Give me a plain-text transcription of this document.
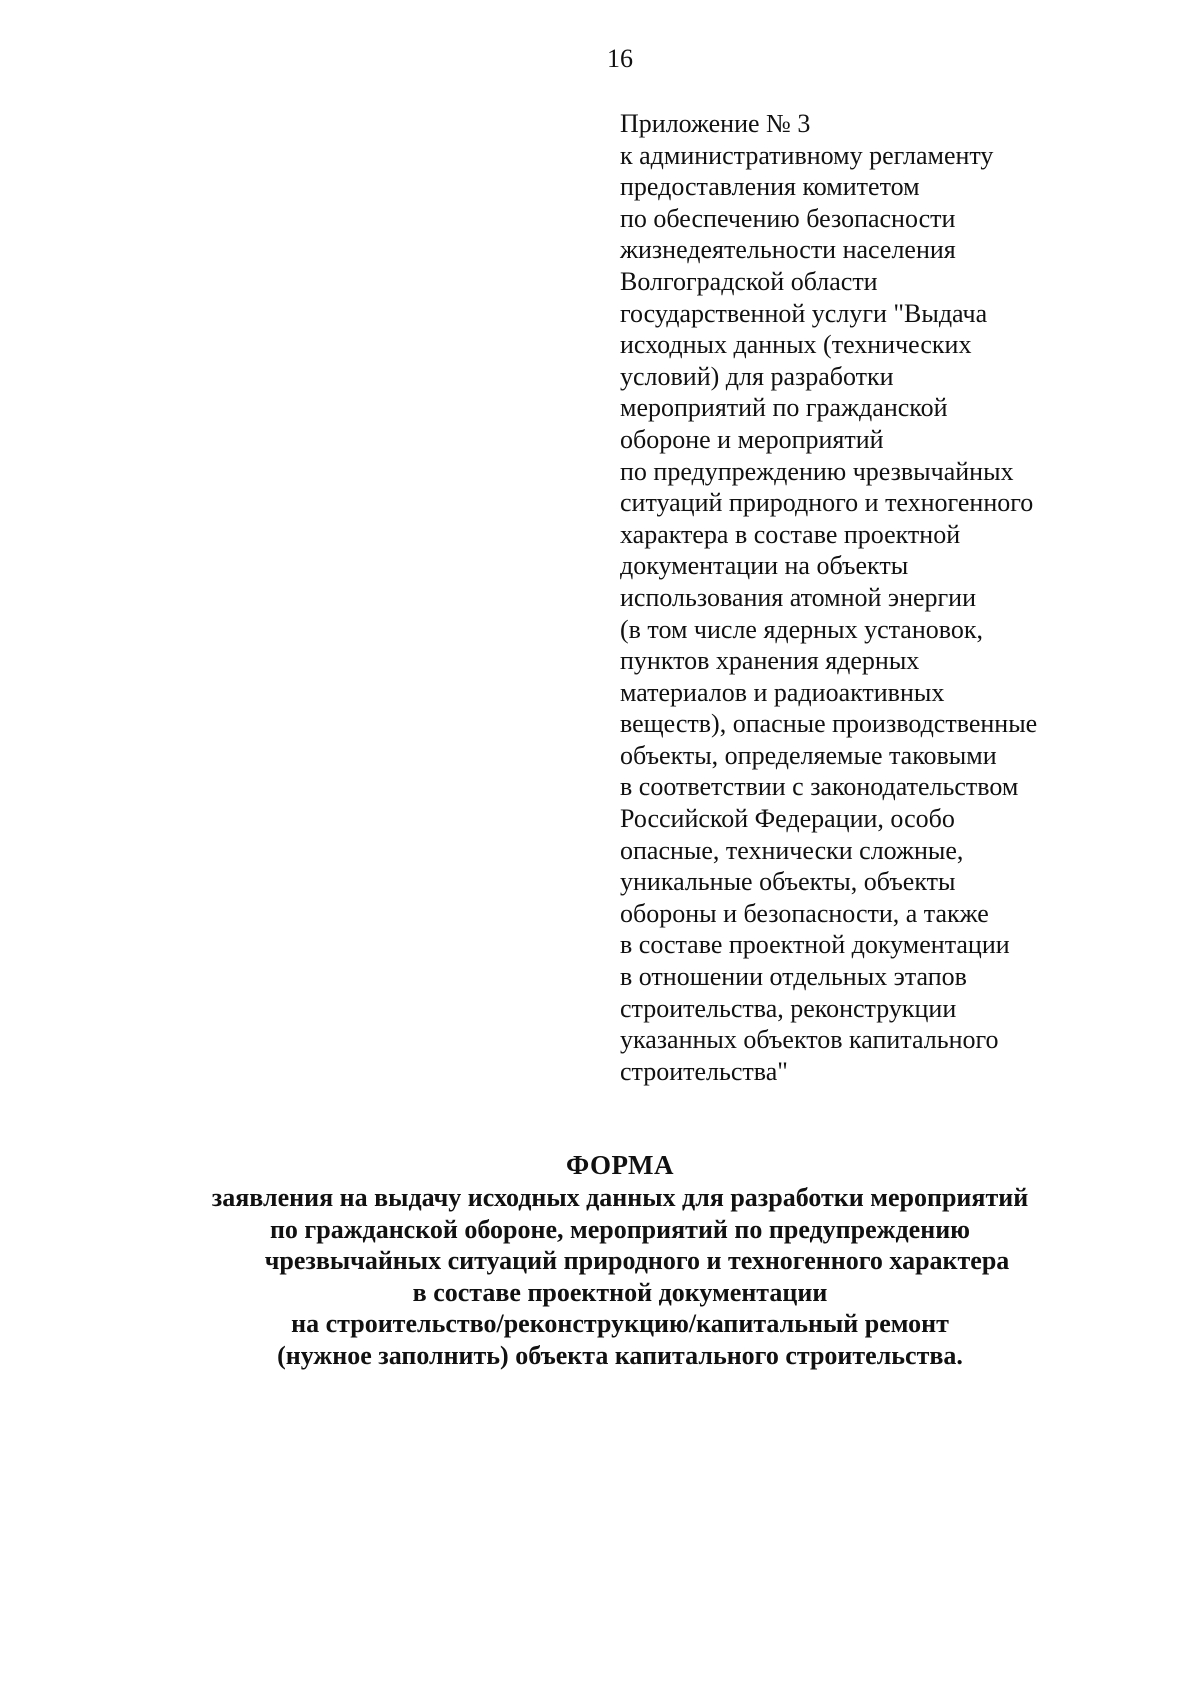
16
Приложение № 3
к административному регламенту
предоставления комитетом
по обеспечению безопасности
жизнедеятельности населения
Волгоградской области
государственной услуги "Выдача
исходных данных (технических
условий) для разработки
мероприятий по гражданской
обороне и мероприятий
по предупреждению чрезвычайных
ситуаций природного и техногенного
характера в составе проектной
документации на объекты
использования атомной энергии
(в том числе ядерных установок,
пунктов хранения ядерных
материалов и радиоактивных
веществ), опасные производственные
объекты, определяемые таковыми
в соответствии с законодательством
Российской Федерации, особо
опасные, технически сложные,
уникальные объекты, объекты
обороны и безопасности, а также
в составе проектной документации
в отношении отдельных этапов
строительства, реконструкции
указанных объектов капитального
строительства"
ФОРМА
заявления на выдачу исходных данных для разработки мероприятий
по гражданской обороне, мероприятий по предупреждению
чрезвычайных ситуаций природного и техногенного характера
в составе проектной документации
на строительство/реконструкцию/капитальный ремонт
(нужное заполнить) объекта капитального строительства.
